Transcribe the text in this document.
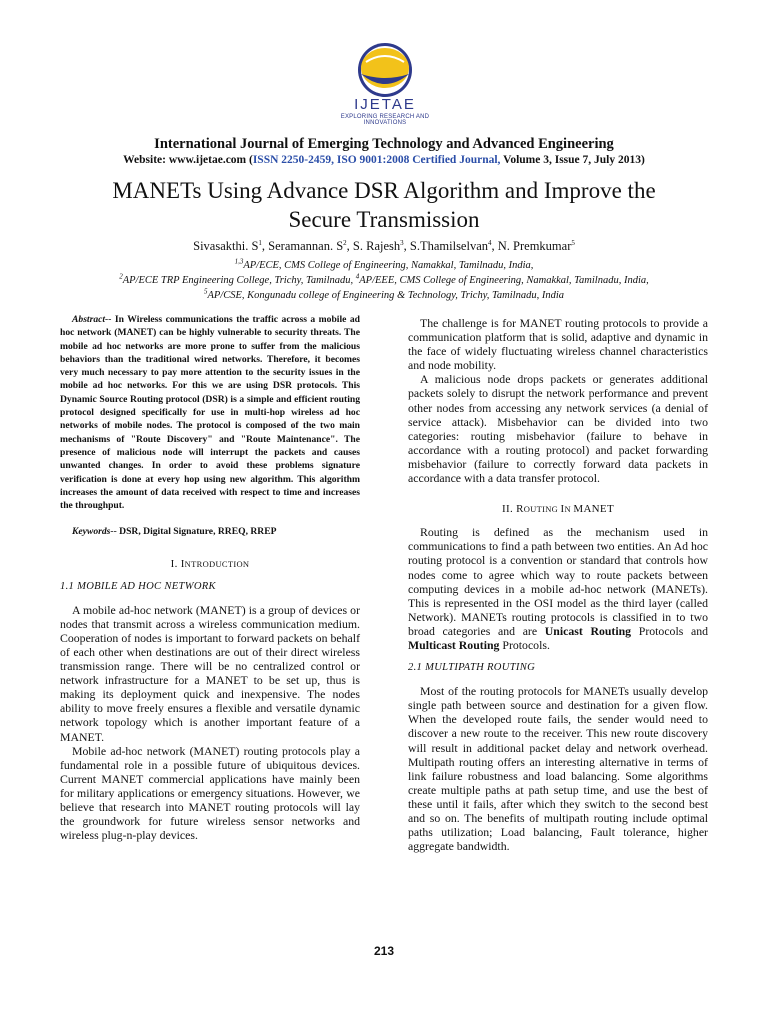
IJETAE
EXPLORING RESEARCH AND INNOVATIONS
International Journal of Emerging Technology and Advanced Engineering
Website: www.ijetae.com (ISSN 2250-2459, ISO 9001:2008 Certified Journal, Volume 3, Issue 7, July 2013)
MANETs Using Advance DSR Algorithm and Improve the Secure Transmission
Sivasakthi. $S^1$, Seramannan. $S^2$, S. Rajesh$^3$, S.Thamilselvan$^4$, N. Premkumar$^5$
$^{1,3}$AP/ECE, CMS College of Engineering, Namakkal, Tamilnadu, India,
$^2$AP/ECE TRP Engineering College, Trichy, Tamilnadu, $^4$AP/EEE, CMS College of Engineering, Namakkal, Tamilnadu, India,
$^5$AP/CSE, Kongunadu college of Engineering & Technology, Trichy, Tamilnadu, India

Abstract-- In Wireless communications the traffic across a mobile ad hoc network (MANET) can be highly vulnerable to security threats. The mobile ad hoc networks are more prone to suffer from the malicious behaviors than the traditional wired networks. Therefore, it becomes very much necessary to pay more attention to the security issues in the mobile ad hoc networks. For this we are using DSR protocols. This Dynamic Source Routing protocol (DSR) is a simple and efficient routing protocol designed specifically for use in multi-hop wireless ad hoc networks of mobile nodes. The protocol is composed of the two main mechanisms of "Route Discovery" and "Route Maintenance". The presence of malicious node will interrupt the packets and causes unwanted changes. In order to avoid these problems signature verification is done at every hop using new algorithm. This algorithm increases the amount of data received with respect to time and increases the throughput.

Keywords-- DSR, Digital Signature, RREQ, RREP

I. INTRODUCTION
1.1 MOBILE AD HOC NETWORK

A mobile ad-hoc network (MANET) is a group of devices or nodes that transmit across a wireless communication medium. Cooperation of nodes is important to forward packets on behalf of each other when destinations are out of their direct wireless transmission range. There will be no centralized control or network infrastructure for a MANET to be set up, thus is making its deployment quick and inexpensive. The nodes ability to move freely ensures a flexible and versatile dynamic network topology which is another important feature of a MANET.

Mobile ad-hoc network (MANET) routing protocols play a fundamental role in a possible future of ubiquitous devices. Current MANET commercial applications have mainly been for military applications or emergency situations. However, we believe that research into MANET routing protocols will lay the groundwork for future wireless sensor networks and wireless plug-n-play devices.

The challenge is for MANET routing protocols to provide a communication platform that is solid, adaptive and dynamic in the face of widely fluctuating wireless channel characteristics and node mobility.

A malicious node drops packets or generates additional packets solely to disrupt the network performance and prevent other nodes from accessing any network services (a denial of service attack). Misbehavior can be divided into two categories: routing misbehavior (failure to behave in accordance with a routing protocol) and packet forwarding misbehavior (failure to correctly forward data packets in accordance with a data transfer protocol.

II. ROUTING IN MANET

Routing is defined as the mechanism used in communications to find a path between two entities. An Ad hoc routing protocol is a convention or standard that controls how nodes come to agree which way to route packets between computing devices in a mobile ad-hoc network (MANETs). This is represented in the OSI model as the third layer (called Network). MANETs routing protocols is classified in to two broad categories and are Unicast Routing Protocols and Multicast Routing Protocols.

2.1 MULTIPATH ROUTING

Most of the routing protocols for MANETs usually develop single path between source and destination for a given flow. When the developed route fails, the sender would need to discover a new route to the receiver. This new route discovery will result in additional packet delay and network overhead. Multipath routing offers an interesting alternative in terms of link failure robustness and load balancing. Some algorithms create multiple paths at path setup time, and use the best of these until it fails, after which they switch to the second best and so on. The benefits of multipath routing include optimal paths utilization; Load balancing, Fault tolerance, higher aggregate bandwidth.

213
